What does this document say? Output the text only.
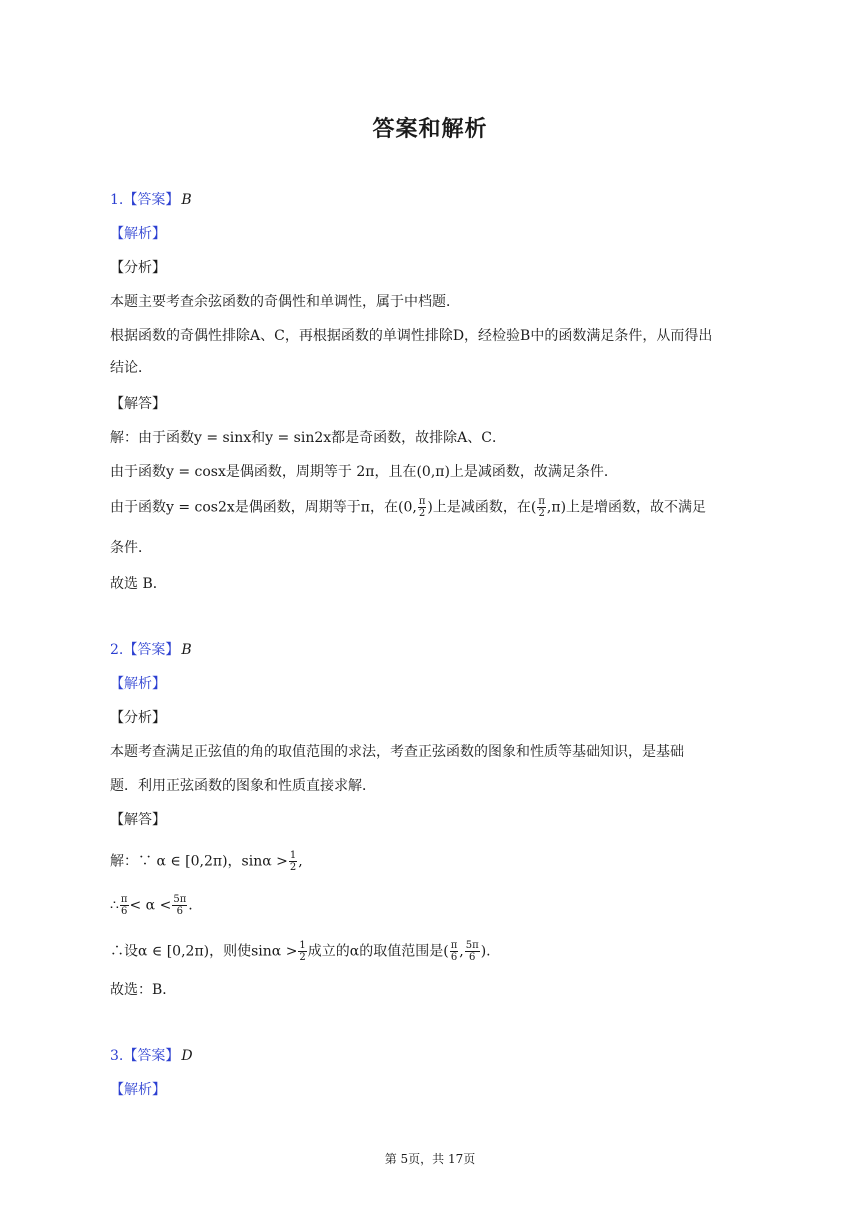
答案和解析
1.【答案】 B
【解析】
【分析】
本题主要考查余弦函数的奇偶性和单调性，属于中档题．
根据函数的奇偶性排除A、C，再根据函数的单调性排除D，经检验B中的函数满足条件，从而得出
结论．
【解答】
解：由于函数y = sinx和y = sin2x都是奇函数，故排除A、C．
由于函数y = cosx是偶函数，周期等于 2π，且在(0,π)上是减函数，故满足条件．
由于函数y = cos2x是偶函数，周期等于π，在(0, $\frac{\pi}{2}$ )上是减函数，在( $\frac{\pi}{2} ,\pi$)上是增函数，故不满足
条件．
故选 B．
2.【答案】 B
【解析】
【分析】
本题考查满足正弦值的角的取值范围的求法，考查正弦函数的图象和性质等基础知识，是基础
题．利用正弦函数的图象和性质直接求解．
【解答】
解：∵ α ∈ [0,2π)，$\sin\alpha > \frac{1}{2}$ ,
∴ $\frac{\pi}{6} < \alpha < \frac{5\pi}{6}$ .
∴设α ∈ [0,2π)，则使$\sin\alpha > \frac{1}{2}$ 成立的α的取值范围是( $\frac{\pi}{6}$ , $\frac{5\pi}{6}$ ).
故选：B．
3.【答案】 D
【解析】
第 5页，共 17页
